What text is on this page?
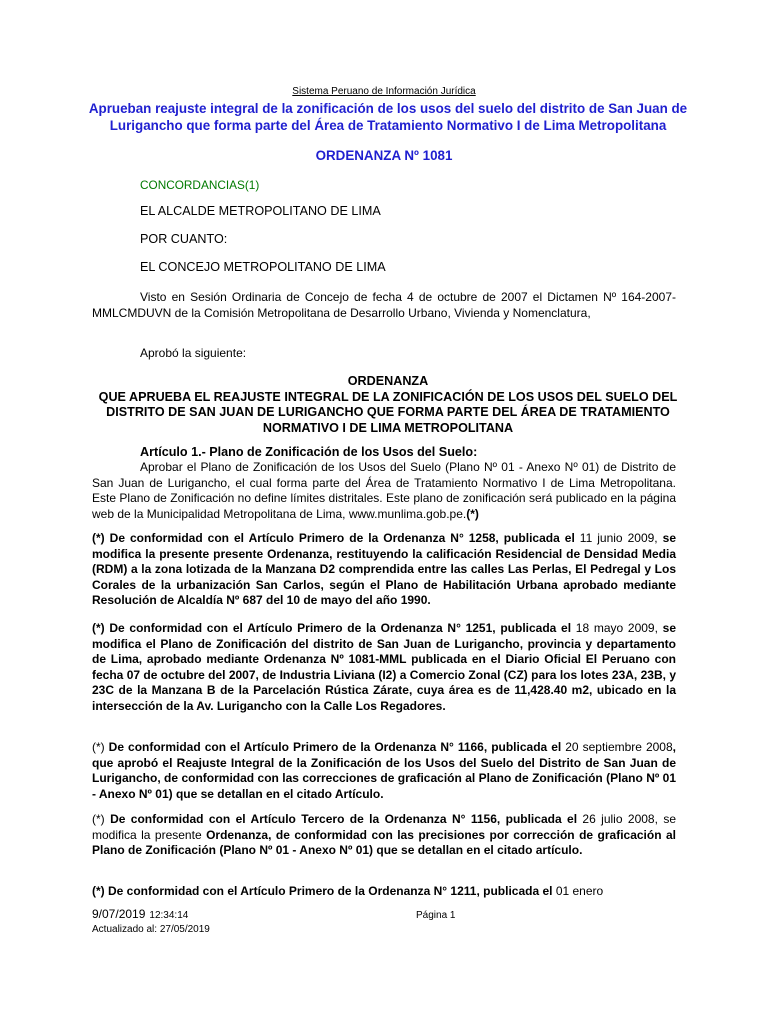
Sistema Peruano de Información Jurídica
Aprueban reajuste integral de la zonificación de los usos del suelo del distrito de San Juan de Lurigancho que forma parte del Área de Tratamiento Normativo I de Lima Metropolitana
ORDENANZA Nº 1081
CONCORDANCIAS(1)
EL ALCALDE METROPOLITANO DE LIMA
POR CUANTO:
EL CONCEJO METROPOLITANO DE LIMA

Visto en Sesión Ordinaria de Concejo de fecha 4 de octubre de 2007 el Dictamen Nº 164-2007-MMLCMDUVN de la Comisión Metropolitana de Desarrollo Urbano, Vivienda y Nomenclatura,

Aprobó la siguiente:
ORDENANZA
QUE APRUEBA EL REAJUSTE INTEGRAL DE LA ZONIFICACIÓN DE LOS USOS DEL SUELO DEL DISTRITO DE SAN JUAN DE LURIGANCHO QUE FORMA PARTE DEL ÁREA DE TRATAMIENTO NORMATIVO I DE LIMA METROPOLITANA
Artículo 1.- Plano de Zonificación de los Usos del Suelo:

Aprobar el Plano de Zonificación de los Usos del Suelo (Plano Nº 01 - Anexo Nº 01) de Distrito de San Juan de Lurigancho, el cual forma parte del Área de Tratamiento Normativo I de Lima Metropolitana. Este Plano de Zonificación no define límites distritales. Este plano de zonificación será publicado en la página web de la Municipalidad Metropolitana de Lima, www.munlima.gob.pe.(*)

(*) De conformidad con el Artículo Primero de la Ordenanza N° 1258, publicada el 11 junio 2009, se modifica la presente presente Ordenanza, restituyendo la calificación Residencial de Densidad Media (RDM) a la zona lotizada de la Manzana D2 comprendida entre las calles Las Perlas, El Pedregal y Los Corales de la urbanización San Carlos, según el Plano de Habilitación Urbana aprobado mediante Resolución de Alcaldía Nº 687 del 10 de mayo del año 1990.

(*) De conformidad con el Artículo Primero de la Ordenanza N° 1251, publicada el 18 mayo 2009, se modifica el Plano de Zonificación del distrito de San Juan de Lurigancho, provincia y departamento de Lima, aprobado mediante Ordenanza Nº 1081-MML publicada en el Diario Oficial El Peruano con fecha 07 de octubre del 2007, de Industria Liviana (I2) a Comercio Zonal (CZ) para los lotes 23A, 23B, y 23C de la Manzana B de la Parcelación Rústica Zárate, cuya área es de 11,428.40 m2, ubicado en la intersección de la Av. Lurigancho con la Calle Los Regadores.

(*) De conformidad con el Artículo Primero de la Ordenanza N° 1166, publicada el 20 septiembre 2008, que aprobó el Reajuste Integral de la Zonificación de los Usos del Suelo del Distrito de San Juan de Lurigancho, de conformidad con las correcciones de graficación al Plano de Zonificación (Plano Nº 01 - Anexo Nº 01) que se detallan en el citado Artículo.

(*) De conformidad con el Artículo Tercero de la Ordenanza N° 1156, publicada el 26 julio 2008, se modifica la presente Ordenanza, de conformidad con las precisiones por corrección de graficación al Plano de Zonificación (Plano Nº 01 - Anexo Nº 01) que se detallan en el citado artículo.

(*) De conformidad con el Artículo Primero de la Ordenanza N° 1211, publicada el 01 enero

9/07/2019 12:34:14	Página 1
Actualizado al: 27/05/2019
